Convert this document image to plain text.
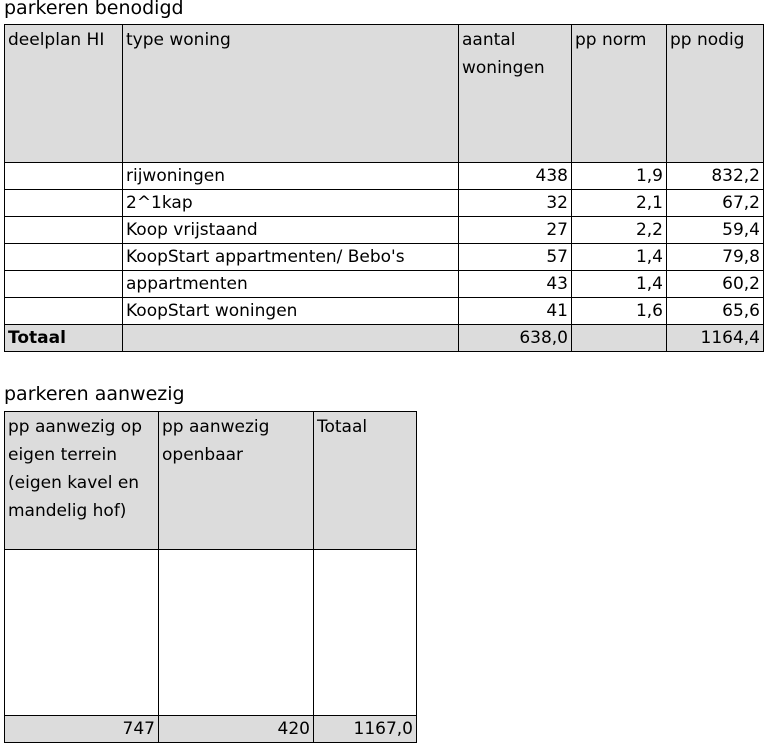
parkeren benodigd
deelplan HI	type woning	aantal woningen	pp norm	pp nodig
	rijwoningen	438	1,9	832,2
	2^1kap	32	2,1	67,2
	Koop vrijstaand	27	2,2	59,4
	KoopStart appartmenten/ Bebo's	57	1,4	79,8
	appartmenten	43	1,4	60,2
	KoopStart woningen	41	1,6	65,6
Totaal		638,0		1164,4
parkeren aanwezig
pp aanwezig op eigen terrein (eigen kavel en mandelig hof)	pp aanwezig openbaar	Totaal

747	420	1167,0
